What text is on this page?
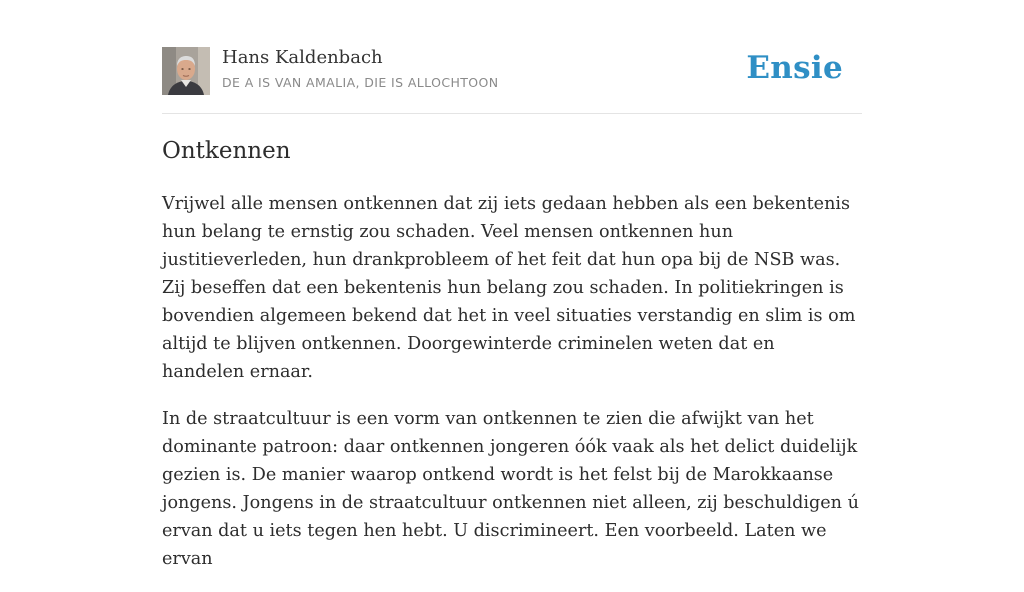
Hans Kaldenbach
DE A IS VAN AMALIA, DIE IS ALLOCHTOON	Ensie
Ontkennen

Vrijwel alle mensen ontkennen dat zij iets gedaan hebben als een bekentenis hun belang te ernstig zou schaden. Veel mensen ontkennen hun justitieverleden, hun drankprobleem of het feit dat hun opa bij de NSB was. Zij beseffen dat een bekentenis hun belang zou schaden. In politiekringen is bovendien algemeen bekend dat het in veel situaties verstandig en slim is om altijd te blijven ontkennen. Doorgewinterde criminelen weten dat en handelen ernaar.

In de straatcultuur is een vorm van ontkennen te zien die afwijkt van het dominante patroon: daar ontkennen jongeren óók vaak als het delict duidelijk gezien is. De manier waarop ontkend wordt is het felst bij de Marokkaanse jongens. Jongens in de straatcultuur ontkennen niet alleen, zij beschuldigen ú ervan dat u iets tegen hen hebt. U discrimineert. Een voorbeeld. Laten we ervan
